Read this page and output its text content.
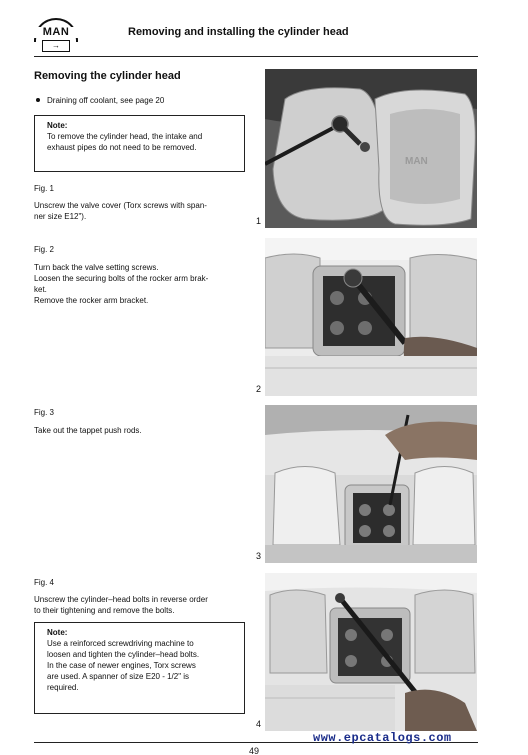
MAN
→
Removing and installing the cylinder head
Removing the cylinder head
Draining off coolant, see page 20
Note:
To remove the cylinder head, the intake and
exhaust pipes do not need to be removed.
Fig. 1
Unscrew the valve cover (Torx screws with span-
ner size E12").
Fig. 2
Turn back the valve setting screws.
Loosen the securing bolts of the rocker arm brak-
ket.
Remove the rocker arm bracket.
Fig. 3
Take out the tappet push rods.
Fig. 4
Unscrew the cylinder–head bolts in reverse order
to their tightening and remove the bolts.
Note:
Use a reinforced screwdriving machine to
loosen and tighten the cylinder–head bolts.
In the case of newer engines, Torx screws
are used. A spanner of size E20 - 1/2" is
required.
MAN
1
2
3
4
www.epcatalogs.com
49
